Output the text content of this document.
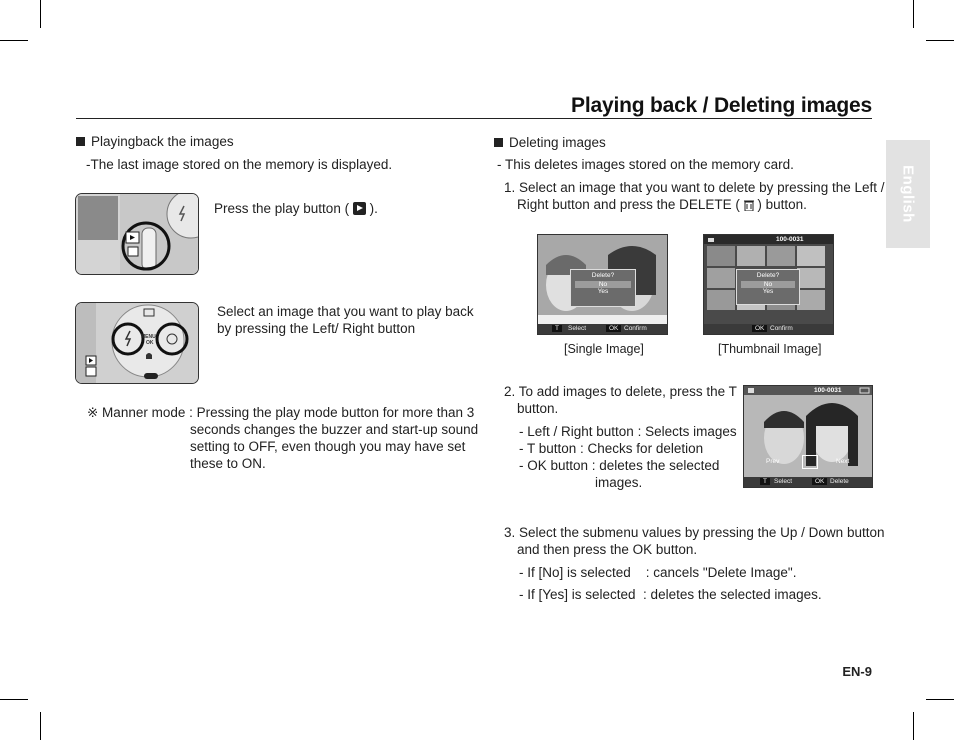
Playing back / Deleting images
English
Playingback the images
-The last image stored on the memory is displayed.
Press the play button (  ).
MENU
OK
Select an image that you want to play back
by pressing the Left/ Right button
※ Manner mode : Pressing the play mode button for more than 3
seconds changes the buzzer and start-up sound
setting to OFF, even though you may have set
these to ON.
Deleting images
- This deletes images stored on the memory card.
1. Select an image that you want to delete by pressing the Left /
Right button and press the DELETE (  ) button.
Delete?
No
Yes
T	Select	OK Confirm
[Single Image]
100-0031
Delete?
No
Yes
OK Confirm
[Thumbnail Image]
2. To add images to delete, press the T
button.
- Left / Right button : Selects images
- T button : Checks for deletion
- OK button : deletes the selected
images.
100-0031
Prev	Next
T	Select	OK Delete
3. Select the submenu values by pressing the Up / Down button
and then press the OK button.
- If [No] is selected    : cancels "Delete Image".
- If [Yes] is selected  : deletes the selected images.
EN-9
